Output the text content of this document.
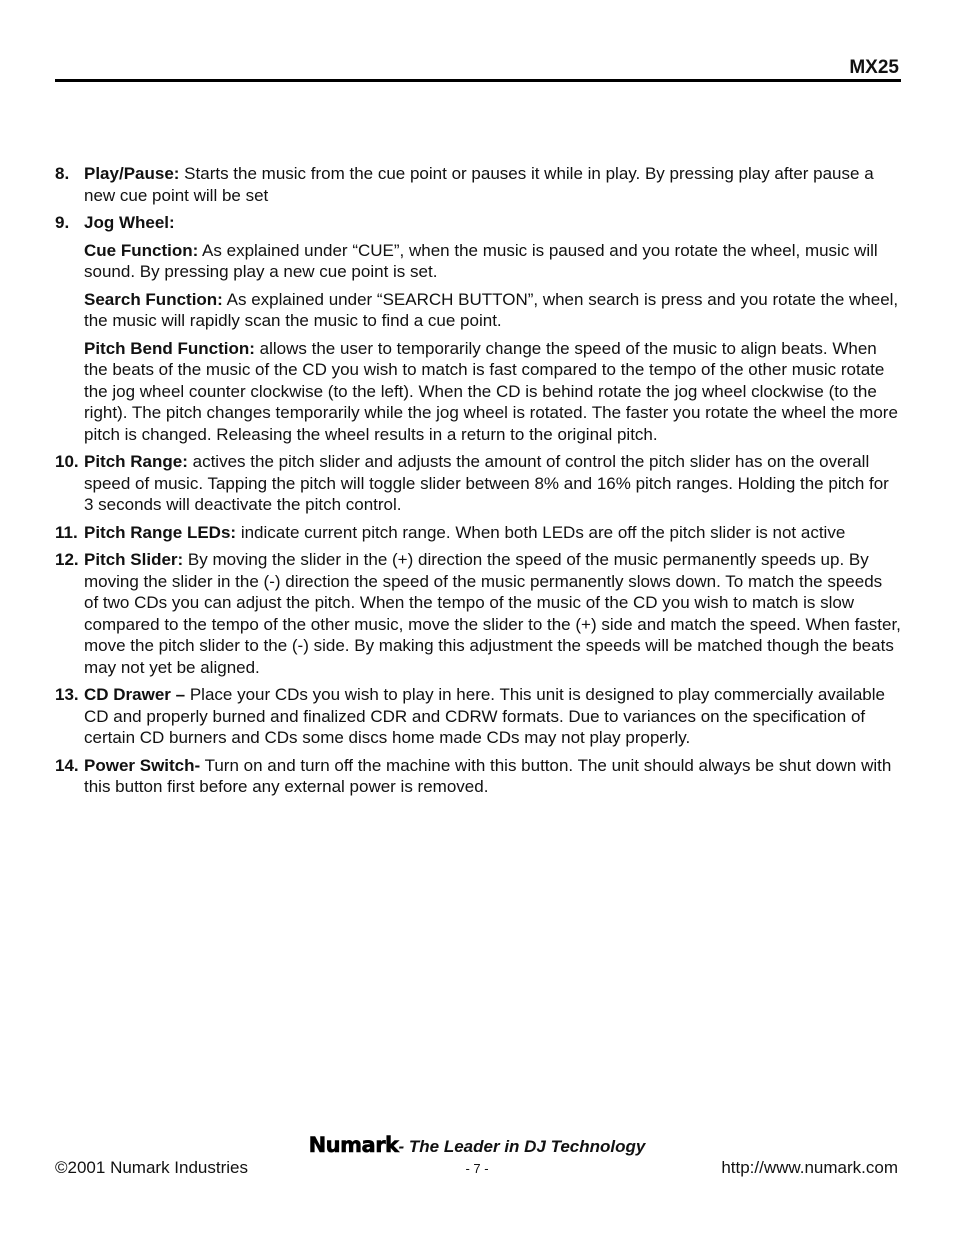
MX25
8. Play/Pause: Starts the music from the cue point or pauses it while in play. By pressing play after pause a new cue point will be set
9. Jog Wheel:
Cue Function: As explained under “CUE”, when the music is paused and you rotate the wheel, music will sound. By pressing play a new cue point is set.
Search Function: As explained under “SEARCH BUTTON”, when search is press and you rotate the wheel, the music will rapidly scan the music to find a cue point.
Pitch Bend Function: allows the user to temporarily change the speed of the music to align beats. When the beats of the music of the CD you wish to match is fast compared to the tempo of the other music rotate the jog wheel counter clockwise (to the left). When the CD is behind rotate the jog wheel clockwise (to the right). The pitch changes temporarily while the jog wheel is rotated. The faster you rotate the wheel the more pitch is changed. Releasing the wheel results in a return to the original pitch.
10. Pitch Range: actives the pitch slider and adjusts the amount of control the pitch slider has on the overall speed of music. Tapping the pitch will toggle slider between 8% and 16% pitch ranges. Holding the pitch for 3 seconds will deactivate the pitch control.
11. Pitch Range LEDs: indicate current pitch range. When both LEDs are off the pitch slider is not active
12. Pitch Slider: By moving the slider in the (+) direction the speed of the music permanently speeds up. By moving the slider in the (-) direction the speed of the music permanently slows down. To match the speeds of two CDs you can adjust the pitch. When the tempo of the music of the CD you wish to match is slow compared to the tempo of the other music, move the slider to the (+) side and match the speed. When faster, move the pitch slider to the (-) side. By making this adjustment the speeds will be matched though the beats may not yet be aligned.
13. CD Drawer – Place your CDs you wish to play in here. This unit is designed to play commercially available CD and properly burned and finalized CDR and CDRW formats. Due to variances on the specification of certain CD burners and CDs some discs home made CDs may not play properly.
14. Power Switch- Turn on and turn off the machine with this button. The unit should always be shut down with this button first before any external power is removed.
Numark- The Leader in DJ Technology
©2001 Numark Industries	- 7 -	http://www.numark.com
